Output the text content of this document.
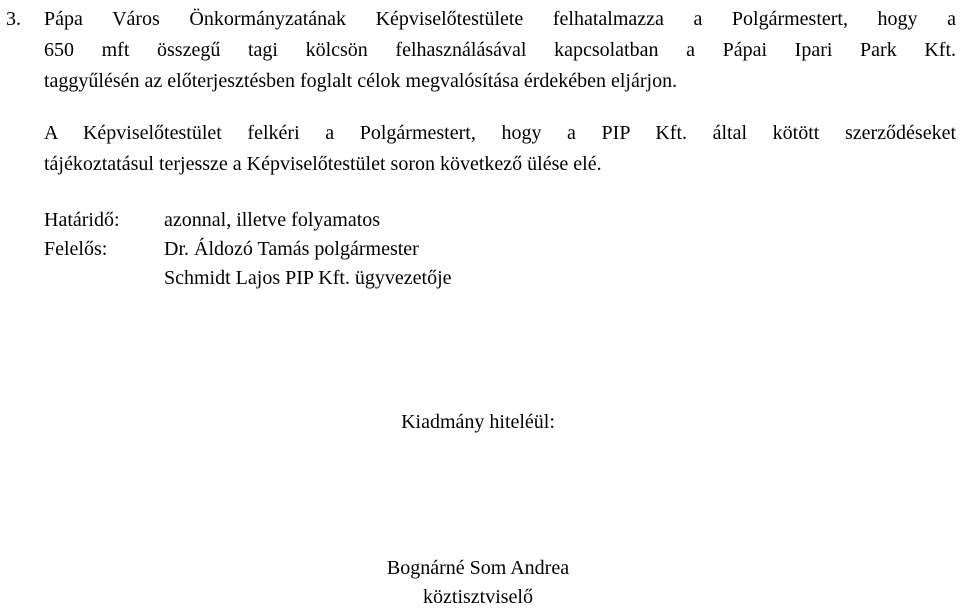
3. Pápa Város Önkormányzatának Képviselőtestülete felhatalmazza a Polgármestert, hogy a
650 mft összegű tagi kölcsön felhasználásával kapcsolatban a Pápai Ipari Park Kft.
taggyűlésén az előterjesztésben foglalt célok megvalósítása érdekében eljárjon.

A Képviselőtestület felkéri a Polgármestert, hogy a PIP Kft. által kötött szerződéseket
tájékoztatásul terjessze a Képviselőtestület soron következő ülése elé.

Határidő: azonnal, illetve folyamatos
Felelős:	Dr. Áldozó Tamás polgármester
Schmidt Lajos PIP Kft. ügyvezetője

Kiadmány hiteléül:

Bognárné Som Andrea

köztisztviselő
